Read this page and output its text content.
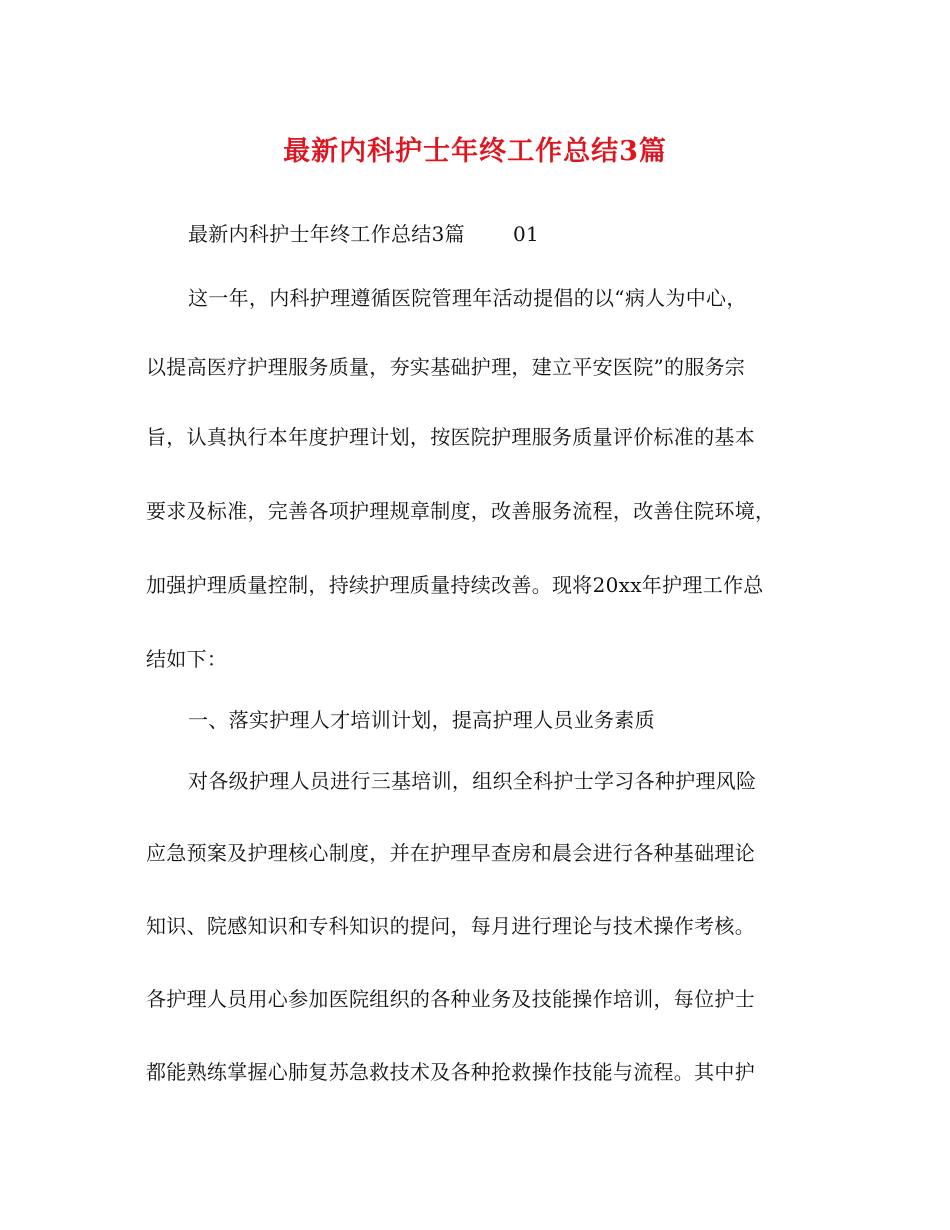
最新内科护士年终工作总结3篇
最新内科护士年终工作总结3篇 01
这一年，内科护理遵循医院管理年活动提倡的以“病人为中心，
以提高医疗护理服务质量，夯实基础护理，建立平安医院”的服务宗
旨，认真执行本年度护理计划，按医院护理服务质量评价标准的基本
要求及标准，完善各项护理规章制度，改善服务流程，改善住院环境，
加强护理质量控制，持续护理质量持续改善。现将20xx年护理工作总
结如下：
一、落实护理人才培训计划，提高护理人员业务素质
对各级护理人员进行三基培训，组织全科护士学习各种护理风险
应急预案及护理核心制度，并在护理早查房和晨会进行各种基础理论
知识、院感知识和专科知识的提问，每月进行理论与技术操作考核。
各护理人员用心参加医院组织的各种业务及技能操作培训，每位护士
都能熟练掌握心肺复苏急救技术及各种抢救操作技能与流程。其中护
